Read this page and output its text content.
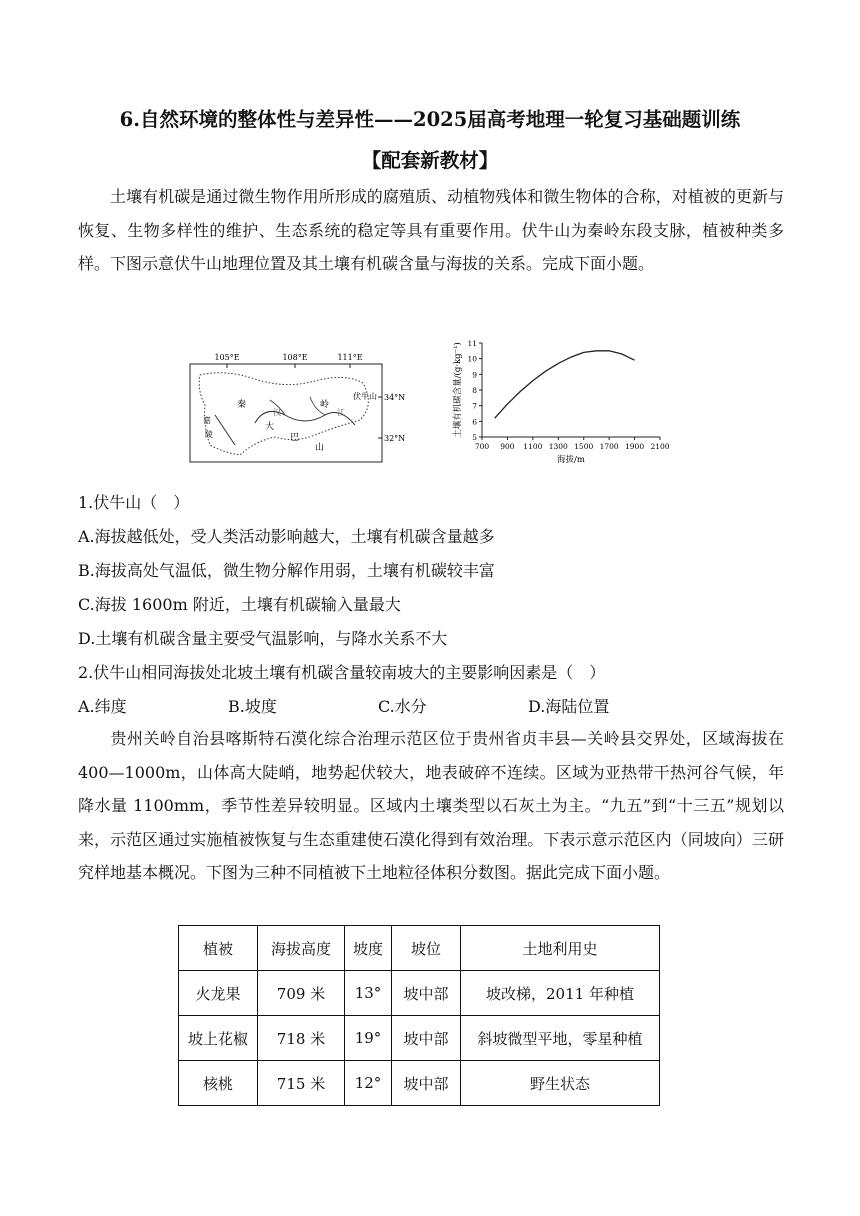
6.自然环境的整体性与差异性——2025届高考地理一轮复习基础题训练
【配套新教材】
土壤有机碳是通过微生物作用所形成的腐殖质、动植物残体和微生物体的合称，对植被的更新与恢复、生物多样性的维护、生态系统的稳定等具有重要作用。伏牛山为秦岭东段支脉，植被种类多样。下图示意伏牛山地理位置及其土壤有机碳含量与海拔的关系。完成下面小题。
105°E	108°E	111°E
34°N
32°N
秦	岭
汉	江
大
巴
山
伏牛山
嘉
陵
700 900 1100 1300 1500 1700 1900 2100
5
6
7
8
9
10
11
海拔/m
土壤有机碳含量/(g·kg⁻¹)
1.伏牛山（　）
A.海拔越低处，受人类活动影响越大，土壤有机碳含量越多
B.海拔高处气温低，微生物分解作用弱，土壤有机碳较丰富
C.海拔 1600m 附近，土壤有机碳输入量最大
D.土壤有机碳含量主要受气温影响，与降水关系不大
2.伏牛山相同海拔处北坡土壤有机碳含量较南坡大的主要影响因素是（　）
A.纬度	B.坡度	C.水分	D.海陆位置
贵州关岭自治县喀斯特石漠化综合治理示范区位于贵州省贞丰县—关岭县交界处，区域海拔在 400—1000m，山体高大陡峭，地势起伏较大，地表破碎不连续。区域为亚热带干热河谷气候，年降水量 1100mm，季节性差异较明显。区域内土壤类型以石灰土为主。“九五”到“十三五”规划以来，示范区通过实施植被恢复与生态重建使石漠化得到有效治理。下表示意示范区内（同坡向）三研究样地基本概况。下图为三种不同植被下土地粒径体积分数图。据此完成下面小题。
植被	海拔高度	坡度	坡位	土地利用史
火龙果	709 米	13°	坡中部	坡改梯，2011 年种植
坡上花椒	718 米	19°	坡中部	斜坡微型平地，零星种植
核桃	715 米	12°	坡中部	野生状态
